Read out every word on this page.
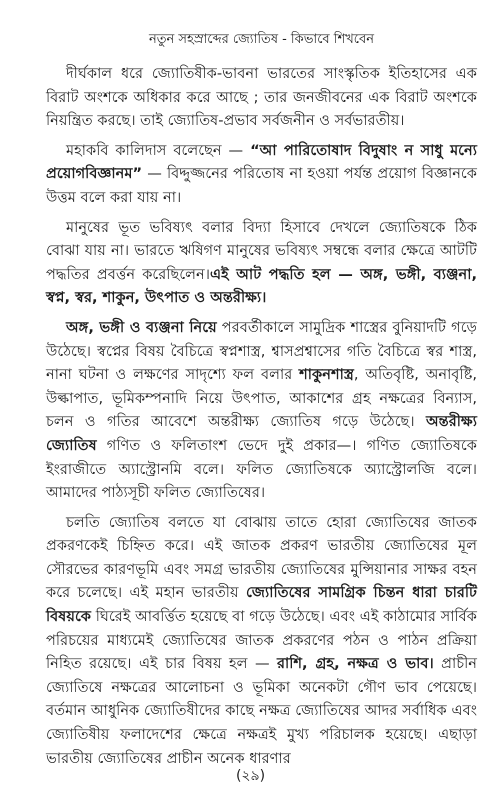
নতুন সহস্রাব্দের জ্যোতিষ - কিভাবে শিখবেন

দীর্ঘকাল ধরে জ্যোতিষীক-ভাবনা ভারতের সাংস্কৃতিক ইতিহাসের এক বিরাট অংশকে অধিকার করে আছে ; তার জনজীবনের এক বিরাট অংশকে নিয়ন্ত্রিত করছে। তাই জ্যোতিষ-প্রভাব সর্বজনীন ও সর্বভারতীয়।

মহাকবি কালিদাস বলেছেন — “আ পারিতোষাদ বিদুষাং ন সাধু মন্যে প্রয়োগবিজ্ঞানম” — বিদ্দুজ্জনের পরিতোষ না হওয়া পর্যন্ত প্রয়োগ বিজ্ঞানকে উত্তম বলে করা যায় না।

মানুষের ভূত ভবিষ্যৎ বলার বিদ্যা হিসাবে দেখলে জ্যোতিষকে ঠিক বোঝা যায় না। ভারতে ঋষিগণ মানুষের ভবিষ্যৎ সম্বন্ধে বলার ক্ষেত্রে আটটি পদ্ধতির প্রবর্ত্তন করেছিলেন।এই আট পদ্ধতি হল — অঙ্গ, ভঙ্গী, ব্যঞ্জনা, স্বপ্ন, স্বর, শাকুন, উৎপাত ও অন্তরীক্ষ্য।

অঙ্গ, ভঙ্গী ও ব্যঞ্জনা নিয়ে পরবর্তীকালে সামুদ্রিক শাস্ত্রের বুনিয়াদটি গড়ে উঠেছে। স্বপ্নের বিষয় বৈচিত্রে স্বপ্নশাস্ত্র, শ্বাসপ্রশ্বাসের গতি বৈচিত্রে স্বর শাস্ত্র, নানা ঘটনা ও লক্ষণের সাদৃশ্যে ফল বলার শাকুনশাস্ত্র, অতিবৃষ্টি, অনাবৃষ্টি, উল্কাপাত, ভূমিকম্পনাদি নিয়ে উৎপাত, আকাশের গ্রহ নক্ষত্রের বিন্যাস, চলন ও গতির আবেশে অন্তরীক্ষ্য জ্যোতিষ গড়ে উঠেছে। অন্তরীক্ষ্য জ্যোতিষ গণিত ও ফলিতাংশ ভেদে দুই প্রকার—। গণিত জ্যোতিষকে ইংরাজীতে অ্যাস্ট্রোনমি বলে। ফলিত জ্যোতিষকে অ্যাস্ট্রোলজি বলে। আমাদের পাঠ্যসূচী ফলিত জ্যোতিষের।

চলতি জ্যোতিষ বলতে যা বোঝায় তাতে হোরা জ্যোতিষের জাতক প্রকরণকেই চিহ্নিত করে। এই জাতক প্রকরণ ভারতীয় জ্যোতিষের মূল সৌরভের কারণভূমি এবং সমগ্র ভারতীয় জ্যোতিষের মুন্সিয়ানার সাক্ষর বহন করে চলেছে। এই মহান ভারতীয় জ্যোতিষের সামগ্রিক চিন্তন ধারা চারটি বিষয়কে ঘিরেই আবর্ত্তিত হয়েছে বা গড়ে উঠেছে। এবং এই কাঠামোর সার্বিক পরিচয়ের মাধ্যমেই জ্যোতিষের জাতক প্রকরণের পঠন ও পাঠন প্রক্রিয়া নিহিত রয়েছে। এই চার বিষয় হল — রাশি, গ্রহ, নক্ষত্র ও ভাব। প্রাচীন জ্যোতিষে নক্ষত্রের আলোচনা ও ভূমিকা অনেকটা গৌণ ভাব পেয়েছে। বর্তমান আধুনিক জ্যোতিষীদের কাছে নক্ষত্র জ্যোতিষের আদর সর্বাধিক এবং জ্যোতিষীয় ফলাদেশের ক্ষেত্রে নক্ষত্রই মুখ্য পরিচালক হয়েছে। এছাড়া ভারতীয় জ্যোতিষের প্রাচীন অনেক ধারণার

(২৯)
